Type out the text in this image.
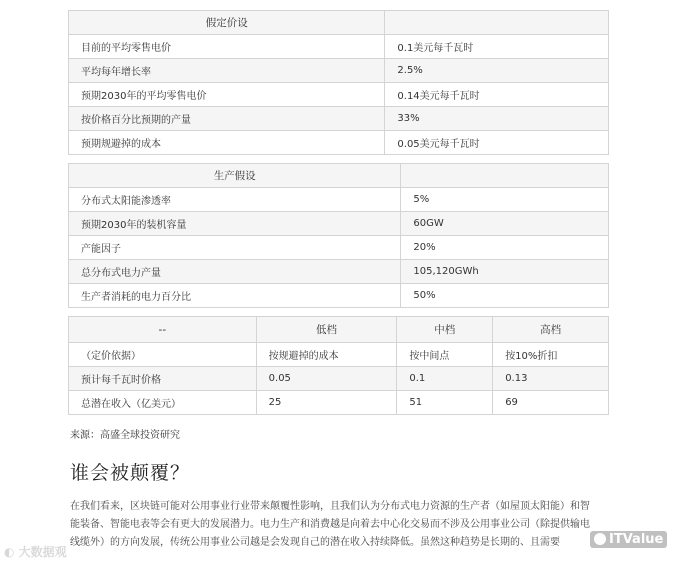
假定价设	
目前的平均零售电价	0.1美元每千瓦时
平均每年增长率	2.5%
预期2030年的平均零售电价	0.14美元每千瓦时
按价格百分比预期的产量	33%
预期规避掉的成本	0.05美元每千瓦时
生产假设	
分布式太阳能渗透率	5%
预期2030年的装机容量	60GW
产能因子	20%
总分布式电力产量	105,120GWh
生产者消耗的电力百分比	50%
--	低档	中档	高档
（定价依据）	按规避掉的成本	按中间点	按10%折扣
预计每千瓦时价格	0.05	0.1	0.13
总潜在收入（亿美元）	25	51	69
来源：高盛全球投资研究
谁会被颠覆？
在我们看来，区块链可能对公用事业行业带来颠覆性影响，且我们认为分布式电力资源的生产者（如屋顶太阳能）和智
能装备、智能电表等会有更大的发展潜力。电力生产和消费越是向着去中心化交易而不涉及公用事业公司（除提供输电
线缆外）的方向发展，传统公用事业公司越是会发现自己的潜在收入持续降低。虽然这种趋势是长期的、且需要
◐ 大数据观
ITValue
